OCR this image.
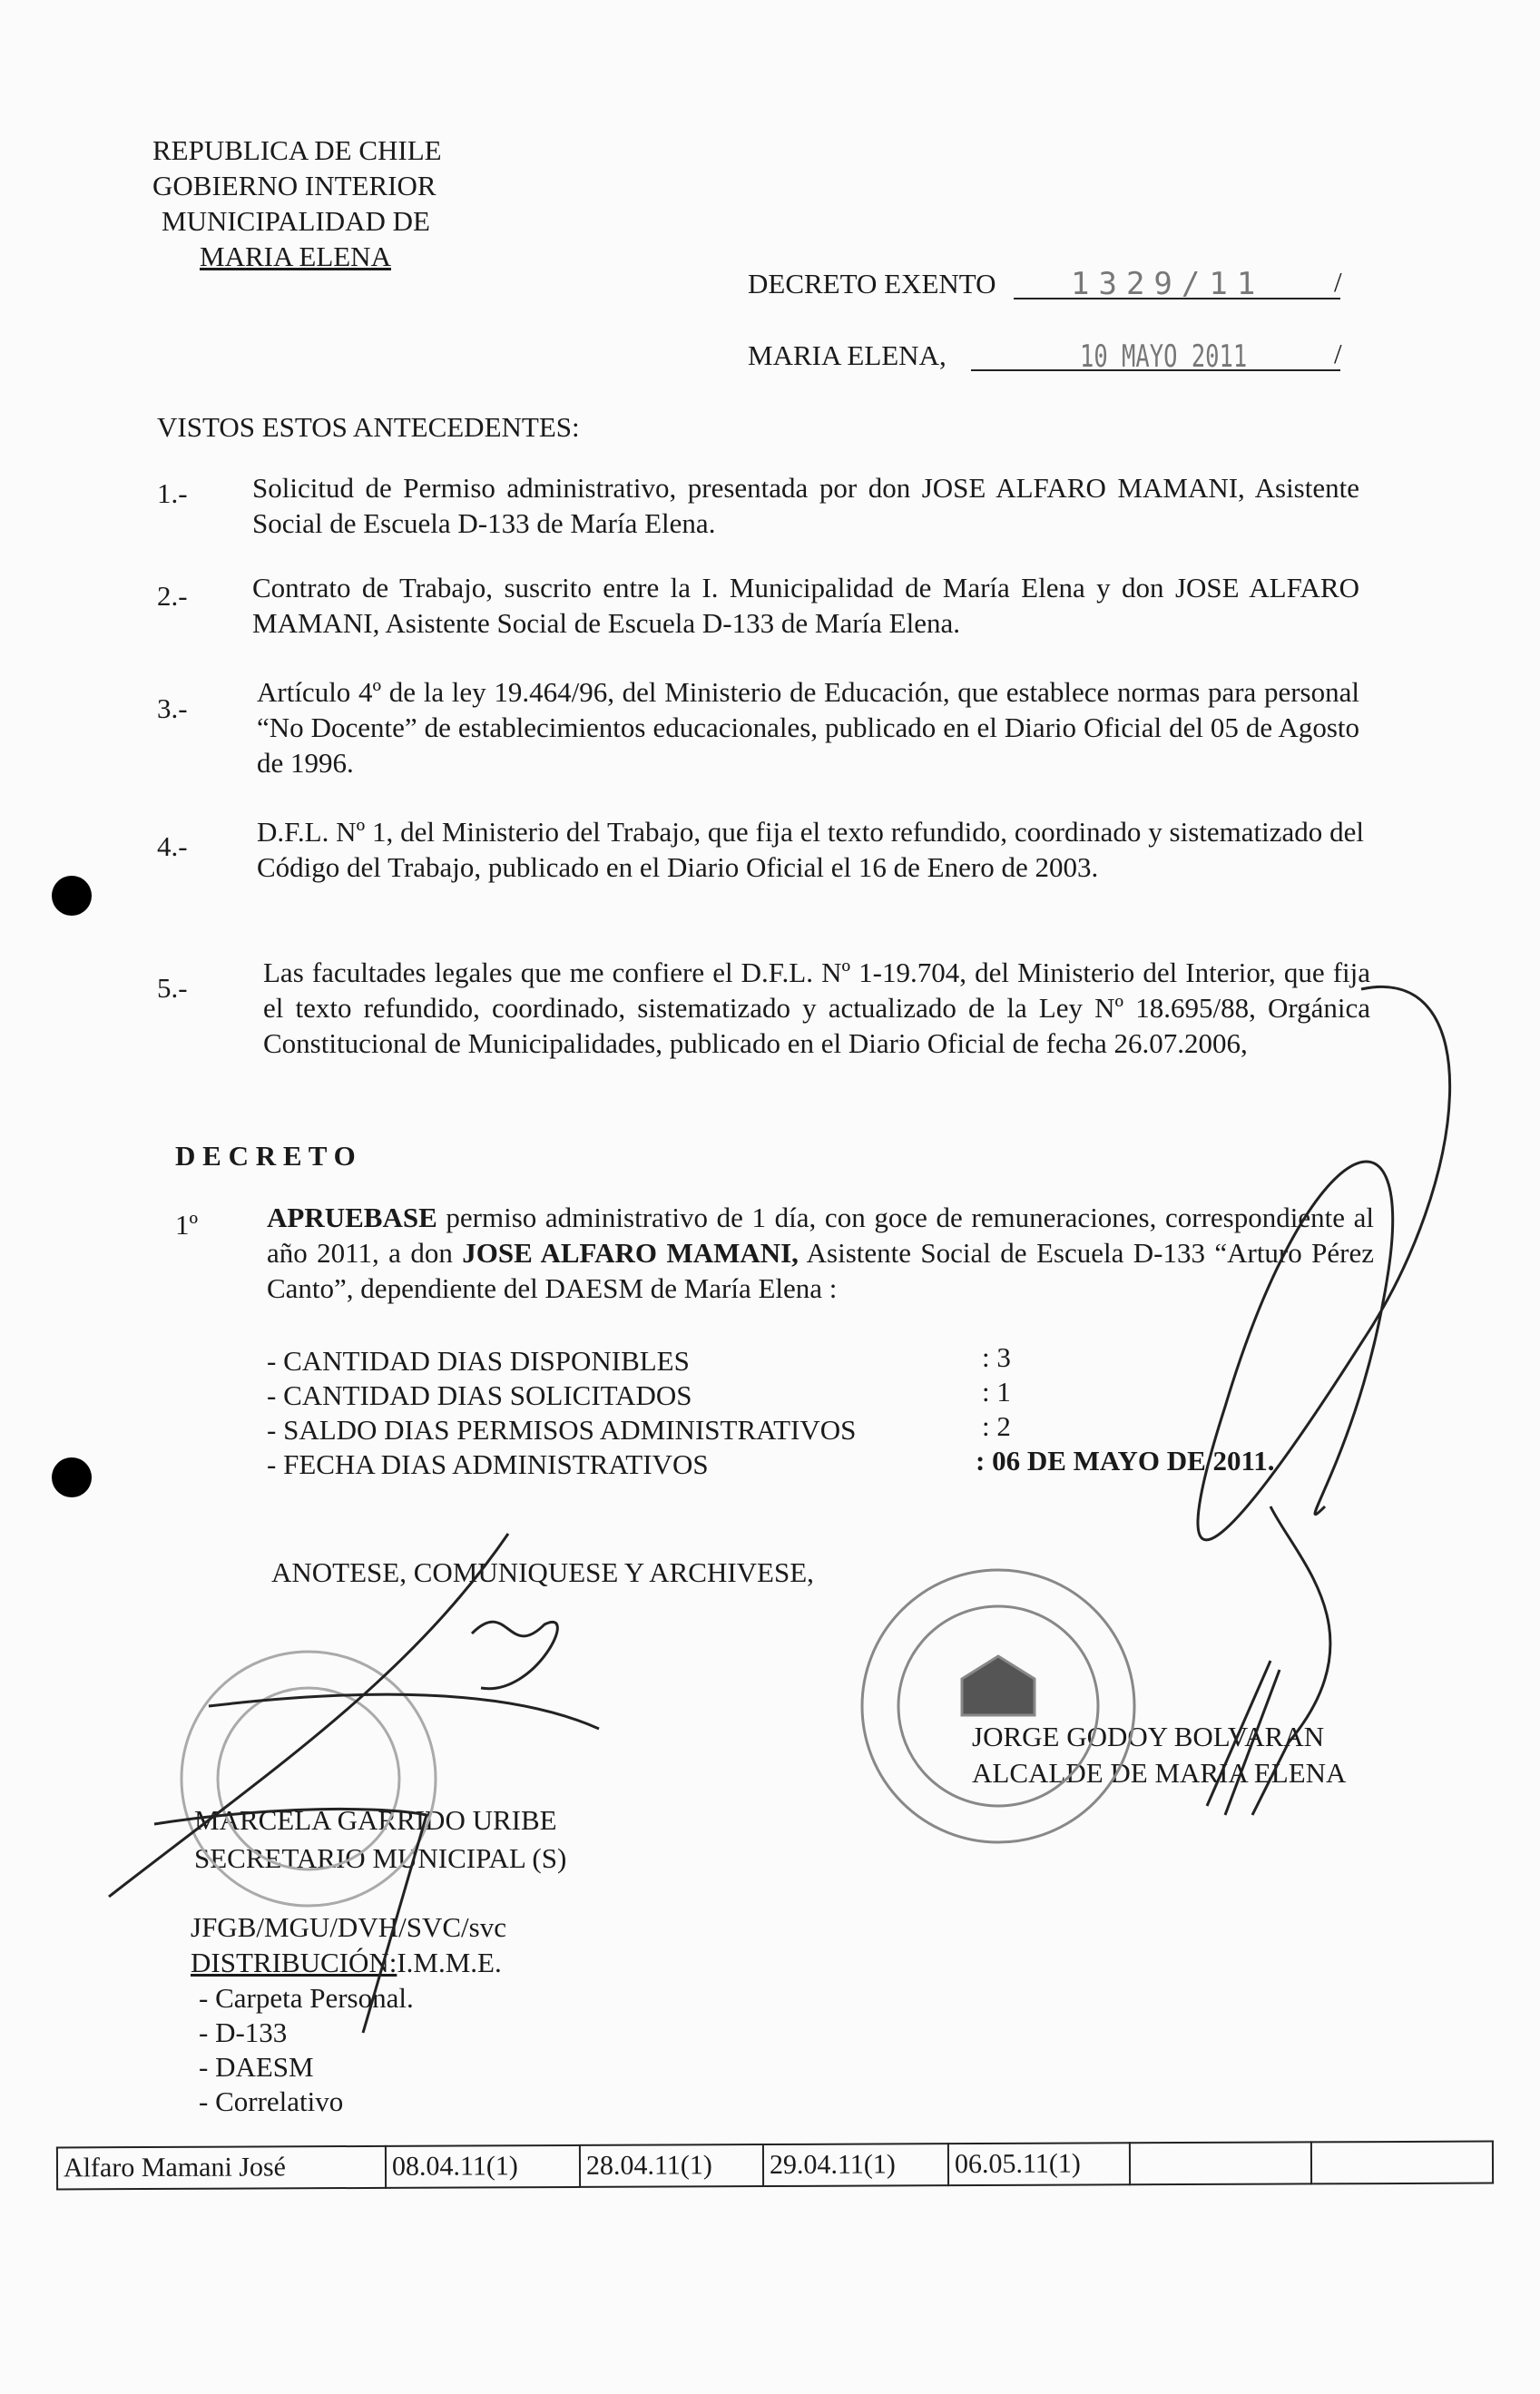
REPUBLICA DE CHILE
GOBIERNO INTERIOR
MUNICIPALIDAD DE
MARIA ELENA
DECRETO EXENTO 1329/11 /
MARIA ELENA,	10 MAYO 2011	/
VISTOS ESTOS ANTECEDENTES:
1.- Solicitud de Permiso administrativo, presentada por don JOSE ALFARO MAMANI, Asistente Social de Escuela D-133 de María Elena.
2.- Contrato de Trabajo, suscrito entre la I. Municipalidad de María Elena y don JOSE ALFARO MAMANI, Asistente Social de Escuela D-133 de María Elena.
3.-
Artículo 4º de la ley 19.464/96, del Ministerio de Educación, que establece normas para personal “No Docente” de establecimientos educacionales, publicado en el Diario Oficial del 05 de Agosto de 1996.
4.- D.F.L. Nº 1, del Ministerio del Trabajo, que fija el texto refundido, coordinado y sistematizado del Código del Trabajo, publicado en el Diario Oficial el 16 de Enero de 2003.
5.-	Las facultades legales que me confiere el D.F.L. Nº 1-19.704, del Ministerio del Interior, que fija el texto refundido, coordinado, sistematizado y actualizado de la Ley Nº 18.695/88, Orgánica Constitucional de Municipalidades, publicado en el Diario Oficial de fecha 26.07.2006,
D E C R E T O
1º APRUEBASE permiso administrativo de 1 día, con goce de remuneraciones, correspondiente al año 2011, a don JOSE ALFARO MAMANI, Asistente Social de Escuela D-133 “Arturo Pérez Canto”, dependiente del DAESM de María Elena :
- CANTIDAD DIAS DISPONIBLES	: 3
- CANTIDAD DIAS SOLICITADOS	: 1
- SALDO DIAS PERMISOS ADMINISTRATIVOS	: 2
- FECHA DIAS ADMINISTRATIVOS	: 06 DE MAYO DE 2011.
ANOTESE, COMUNIQUESE Y ARCHIVESE,
JORGE GODOY BOLVARAN
ALCALDE DE MARIA ELENA
MARCELA GARRIDO URIBE
SECRETARIO MUNICIPAL (S)
JFGB/MGU/DVH/SVC/svc
DISTRIBUCIÓN:I.M.M.E.
- Carpeta Personal.
- D-133
- DAESM
- Correlativo
Alfaro Mamani José	08.04.11(1)	28.04.11(1)	29.04.11(1)	06.05.11(1)		
